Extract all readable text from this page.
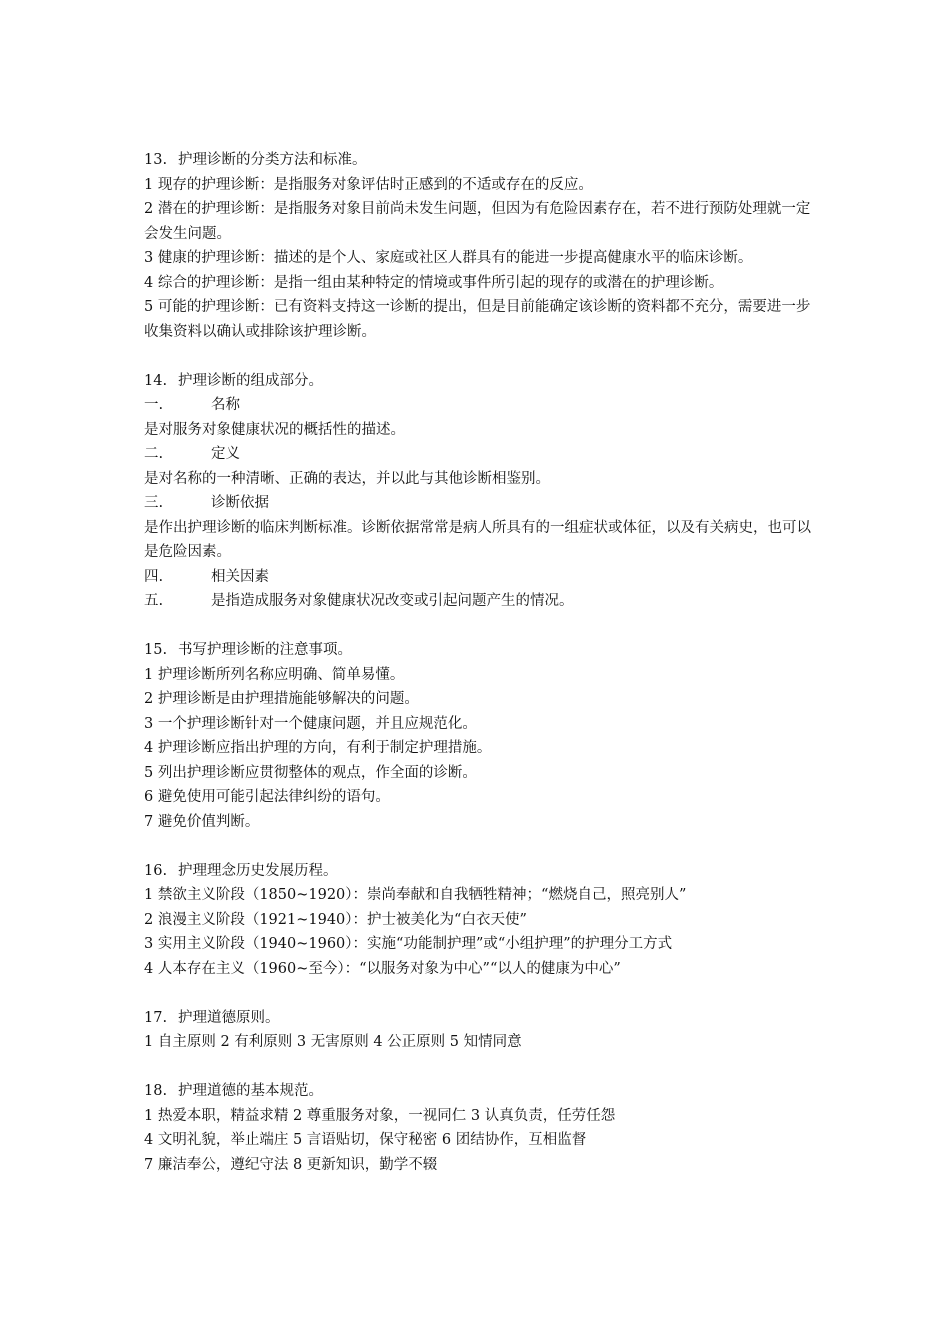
13. 护理诊断的分类方法和标准。

1 现存的护理诊断：是指服务对象评估时正感到的不适或存在的反应。

2 潜在的护理诊断：是指服务对象目前尚未发生问题，但因为有危险因素存在，若不进行预防处理就一定会发生问题。

3 健康的护理诊断：描述的是个人、家庭或社区人群具有的能进一步提高健康水平的临床诊断。

4 综合的护理诊断：是指一组由某种特定的情境或事件所引起的现存的或潜在的护理诊断。

5 可能的护理诊断：已有资料支持这一诊断的提出，但是目前能确定该诊断的资料都不充分，需要进一步收集资料以确认或排除该护理诊断。

14. 护理诊断的组成部分。

一.	名称

是对服务对象健康状况的概括性的描述。

二.	定义

是对名称的一种清晰、正确的表达，并以此与其他诊断相鉴别。

三.	诊断依据

是作出护理诊断的临床判断标准。诊断依据常常是病人所具有的一组症状或体征，以及有关病史，也可以是危险因素。

四.	相关因素

五.	是指造成服务对象健康状况改变或引起问题产生的情况。

15. 书写护理诊断的注意事项。

1 护理诊断所列名称应明确、简单易懂。

2 护理诊断是由护理措施能够解决的问题。

3 一个护理诊断针对一个健康问题，并且应规范化。

4 护理诊断应指出护理的方向，有利于制定护理措施。

5 列出护理诊断应贯彻整体的观点，作全面的诊断。

6 避免使用可能引起法律纠纷的语句。

7 避免价值判断。

16. 护理理念历史发展历程。

1 禁欲主义阶段（1850~1920）：崇尚奉献和自我牺牲精神；“燃烧自己，照亮别人”

2 浪漫主义阶段（1921~1940）：护士被美化为“白衣天使”

3 实用主义阶段（1940~1960）：实施“功能制护理”或“小组护理”的护理分工方式

4 人本存在主义（1960~至今）：“以服务对象为中心”“以人的健康为中心”

17. 护理道德原则。

1 自主原则 2 有利原则 3 无害原则 4 公正原则 5 知情同意

18. 护理道德的基本规范。

1 热爱本职，精益求精 2 尊重服务对象，一视同仁 3 认真负责，任劳任怨

4 文明礼貌，举止端庄 5 言语贴切，保守秘密 6 团结协作，互相监督

7 廉洁奉公，遵纪守法 8 更新知识，勤学不辍
